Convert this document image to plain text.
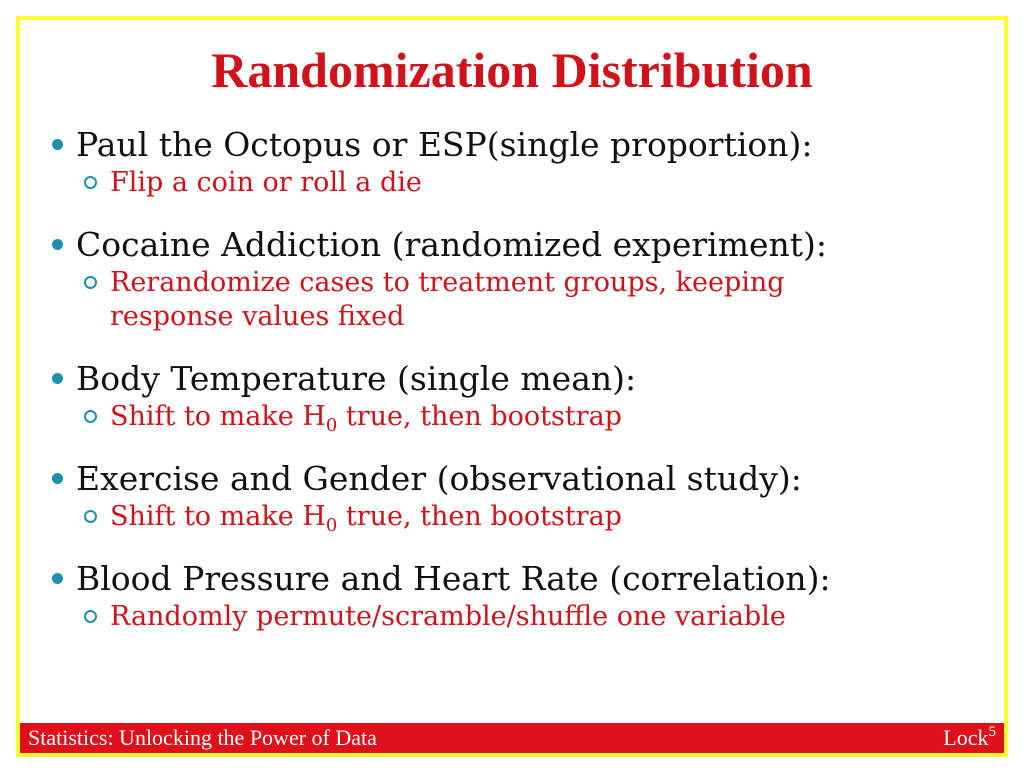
Randomization Distribution
Paul the Octopus or ESP(single proportion):
Flip a coin or roll a die
Cocaine Addiction (randomized experiment):
Rerandomize cases to treatment groups, keeping
response values fixed
Body Temperature (single mean):
Shift to make $H_0$ true, then bootstrap
Exercise and Gender (observational study):
Shift to make $H_0$ true, then bootstrap
Blood Pressure and Heart Rate (correlation):
Randomly permute/scramble/shuffle one variable
Statistics: Unlocking the Power of Data	Lock$^5$
